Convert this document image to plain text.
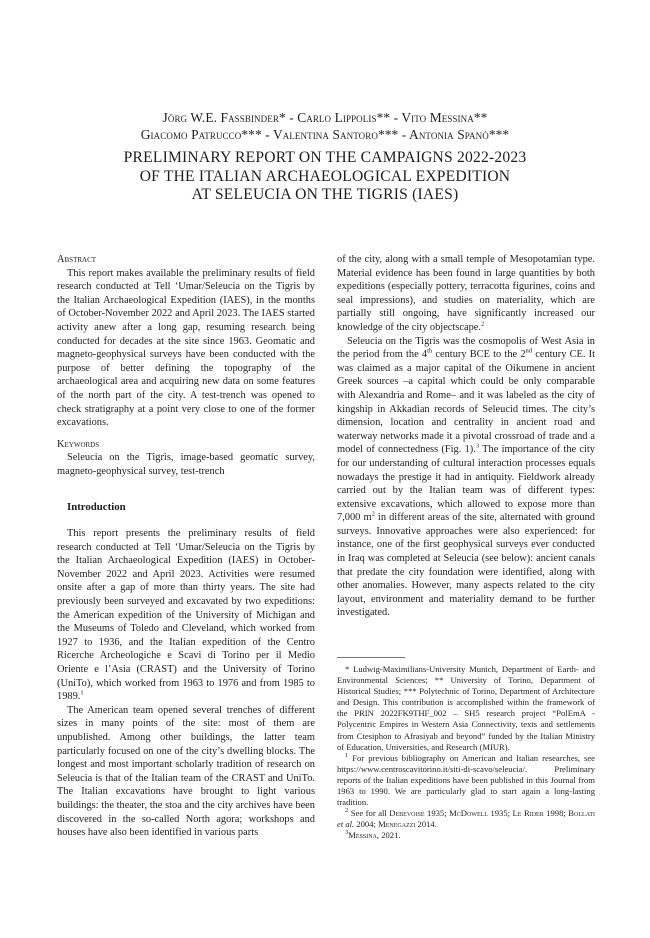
Jörg W.E. Fassbinder* - Carlo Lippolis** - Vito Messina**
Giacomo Patrucco*** - Valentina Santoro*** - Antonia Spanò***
PRELIMINARY REPORT ON THE CAMPAIGNS 2022-2023
OF THE ITALIAN ARCHAEOLOGICAL EXPEDITION
AT SELEUCIA ON THE TIGRIS (IAES)

Abstract

This report makes available the preliminary results of field research conducted at Tell ‘Umar/Seleucia on the Tigris by the Italian Archaeological Expedition (IAES), in the months of October-November 2022 and April 2023. The IAES started activity anew after a long gap, resuming research being conducted for decades at the site since 1963. Geomatic and magneto-geophysical surveys have been conducted with the purpose of better defining the topography of the archaeological area and acquiring new data on some features of the north part of the city. A test-trench was opened to check stratigraphy at a point very close to one of the former excavations.

Keywords

Seleucia on the Tigris, image-based geomatic survey, magneto-geophysical survey, test-trench

Introduction

This report presents the preliminary results of field research conducted at Tell ‘Umar/Seleucia on the Tigris by the Italian Archaeological Expedition (IAES) in October-November 2022 and April 2023. Activities were resumed onsite after a gap of more than thirty years. The site had previously been surveyed and excavated by two expeditions: the American expedition of the University of Michigan and the Museums of Toledo and Cleveland, which worked from 1927 to 1936, and the Italian expedition of the Centro Ricerche Archeologiche e Scavi di Torino per il Medio Oriente e l’Asia (CRAST) and the University of Torino (UniTo), which worked from 1963 to 1976 and from 1985 to 1989.$^1$

The American team opened several trenches of different sizes in many points of the site: most of them are unpublished. Among other buildings, the latter team particularly focused on one of the city’s dwelling blocks. The longest and most important scholarly tradition of research on Seleucia is that of the Italian team of the CRAST and UniTo. The Italian excavations have brought to light various buildings: the theater, the stoa and the city archives have been discovered in the so-called North agora; workshops and houses have also been identified in various parts

of the city, along with a small temple of Mesopotamian type. Material evidence has been found in large quantities by both expeditions (especially pottery, terracotta figurines, coins and seal impressions), and studies on materiality, which are partially still ongoing, have significantly increased our knowledge of the city objectscape.$^2$

Seleucia on the Tigris was the cosmopolis of West Asia in the period from the 4th century BCE to the 2nd century CE. It was claimed as a major capital of the Oikumene in ancient Greek sources –a capital which could be only comparable with Alexandria and Rome– and it was labeled as the city of kingship in Akkadian records of Seleucid times. The city’s dimension, location and centrality in ancient road and waterway networks made it a pivotal crossroad of trade and a model of connectedness (Fig. 1).$^3$ The importance of the city for our understanding of cultural interaction processes equals nowadays the prestige it had in antiquity. Fieldwork already carried out by the Italian team was of different types: extensive excavations, which allowed to expose more than 7,000 $m^2$ in different areas of the site, alternated with ground surveys. Innovative approaches were also experienced: for instance, one of the first geophysical surveys ever conducted in Iraq was completed at Seleucia (see below): ancient canals that predate the city foundation were identified, along with other anomalies. However, many aspects related to the city layout, environment and materiality demand to be further investigated.

* Ludwig-Maximilians-University Munich, Department of Earth- and Environmental Sciences; ** University of Torino, Department of Historical Studies; *** Polytechnic of Torino, Department of Architecture and Design. This contribution is accomplished within the framework of the PRIN 2022FK9THF_002 – SH5 research project “PolEmA - Polycentric Empires in Western Asia Connectivity, texts and settlements from Ctesiphon to Afrasiyab and beyond” funded by the Italian Ministry of Education, Universities, and Research (MIUR).

$^1$ For previous bibliography on American and Italian researches, see https://www.centroscavitorino.it/siti-di-scavo/seleucia/. Preliminary reports of the Italian expeditions have been published in this Journal from 1963 to 1990. We are particularly glad to start again a long-lasting tradition.

$^2$ See for all Debevoise 1935; McDowell 1935; Le Rider 1998; Bollati et al. 2004; Menegazzi 2014.

$^3$Messina, 2021.
